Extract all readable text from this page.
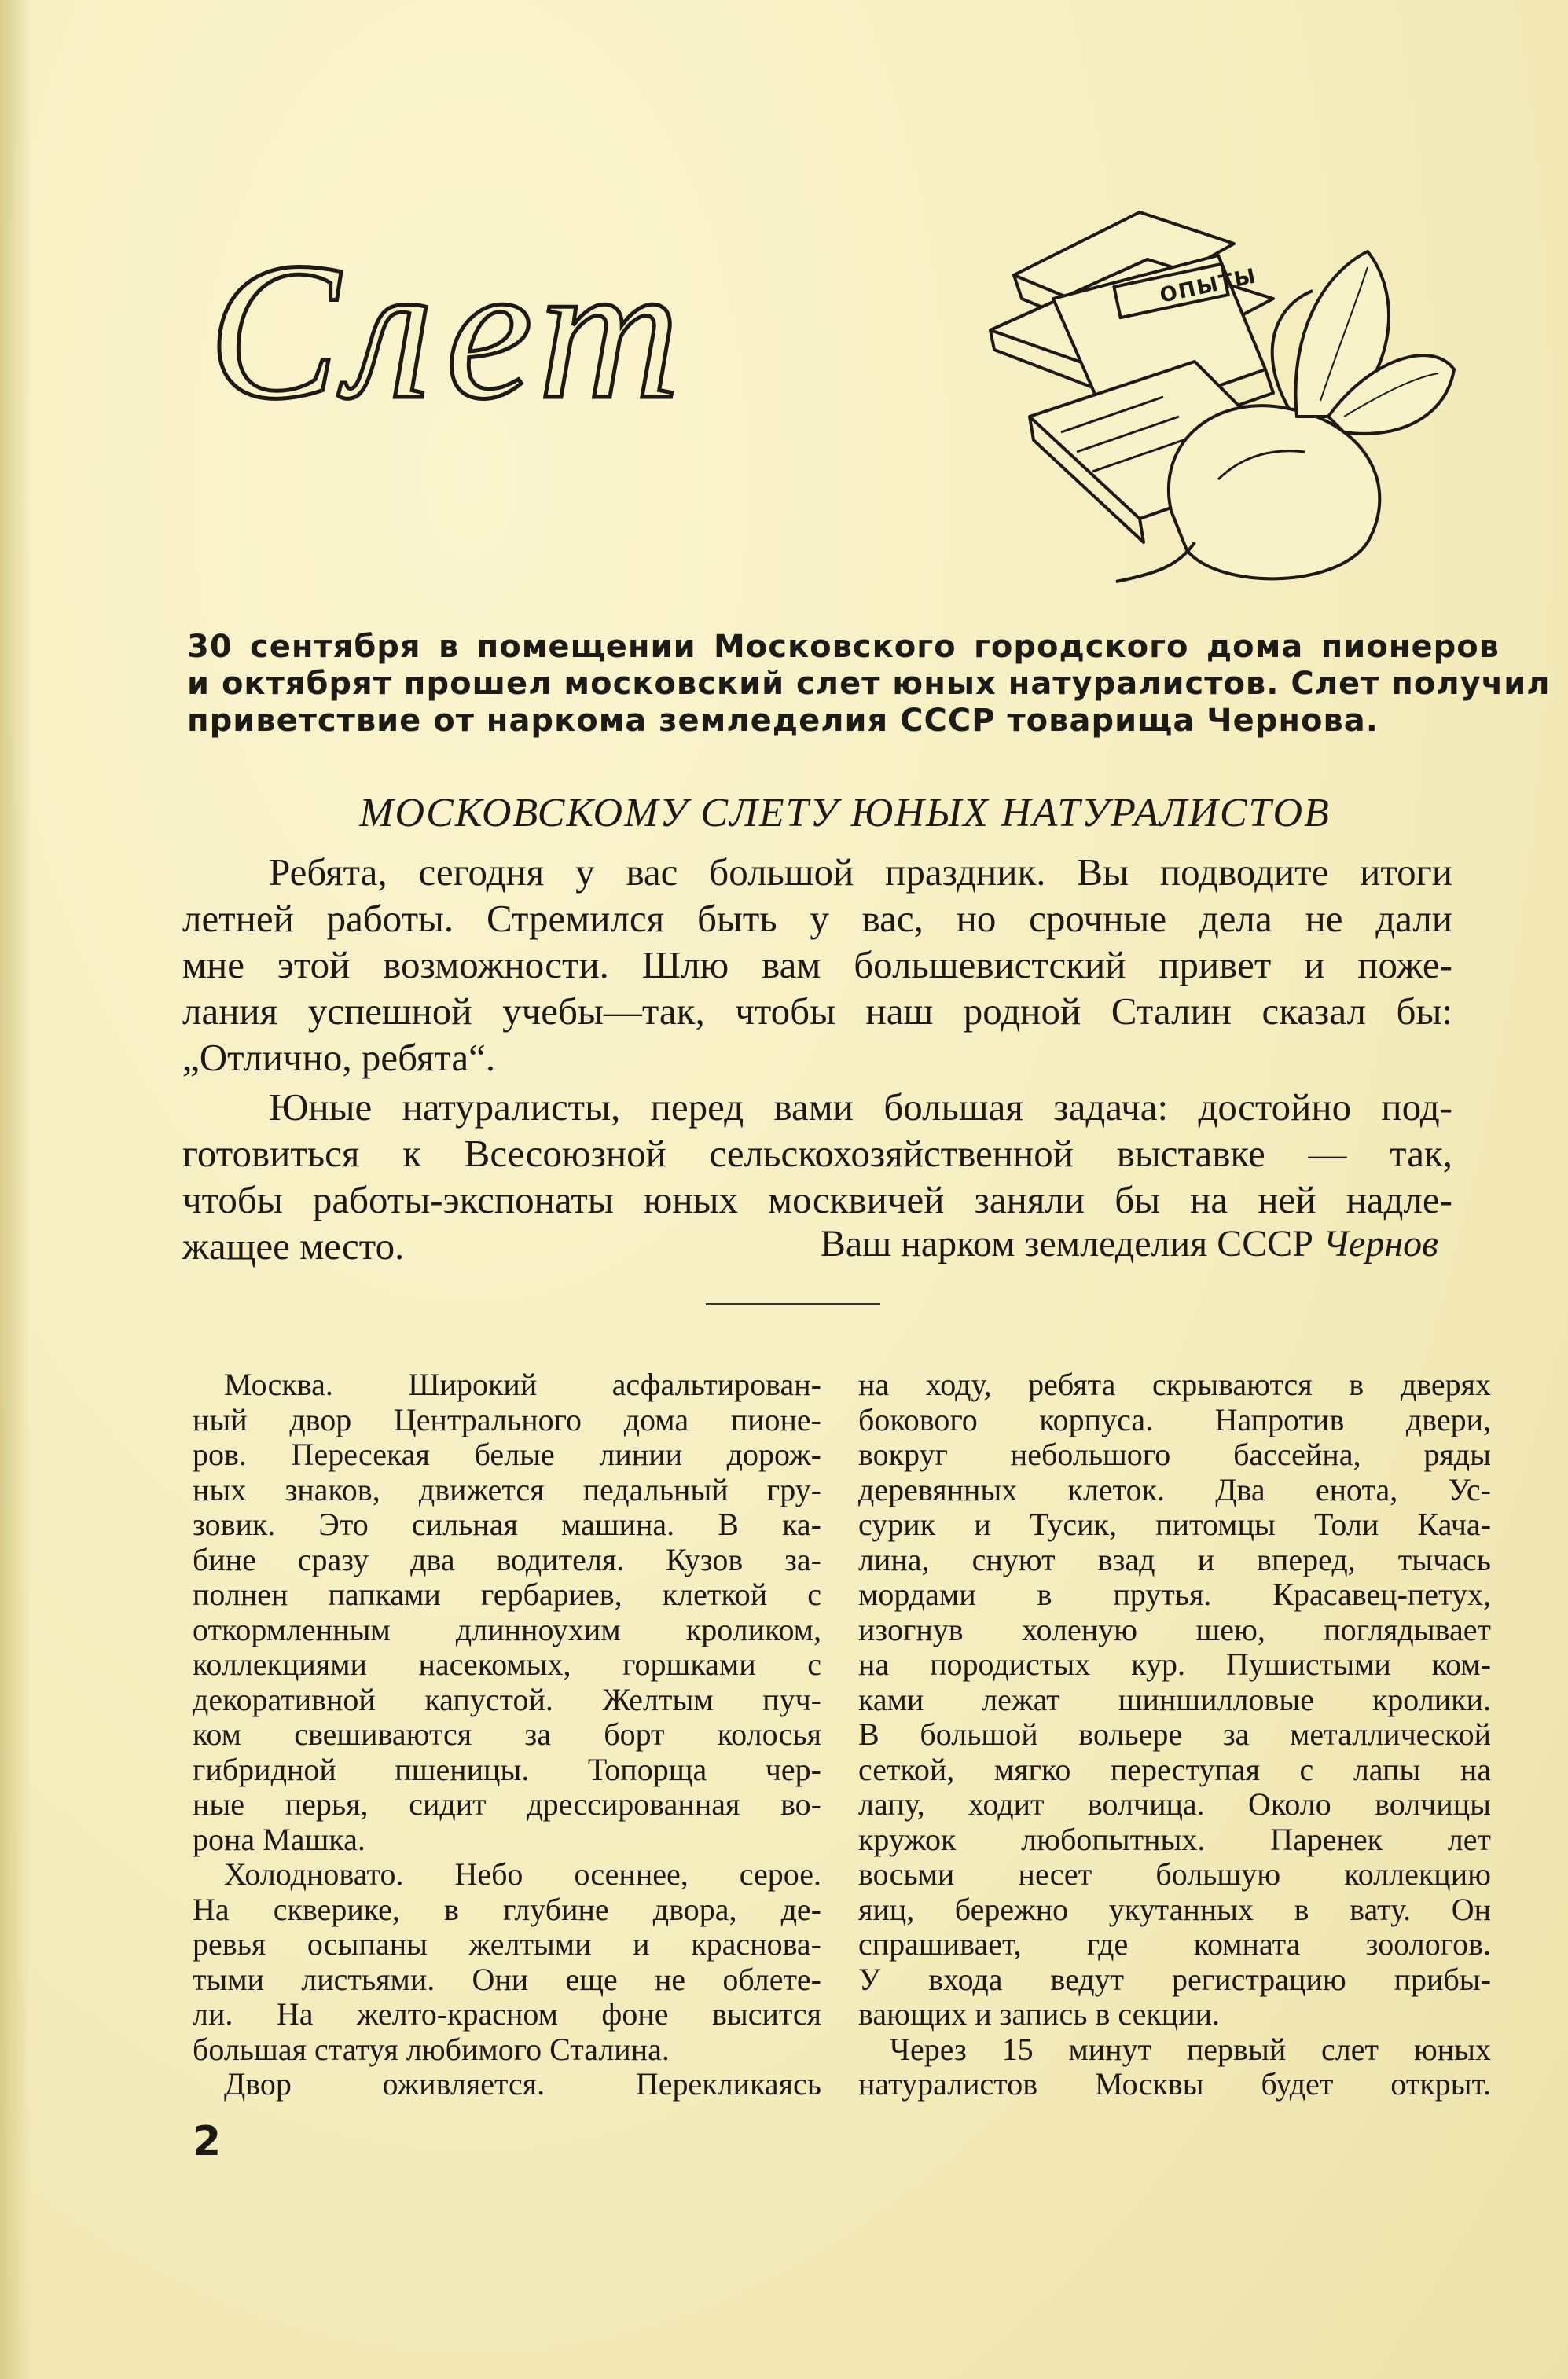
Слет	ОПЫТЫ
30 сентября в помещении Московского городского дома пионеров
и октябрят прошел московский слет юных натуралистов. Слет получил
приветствие от наркома земледелия СССР товарища Чернова.
МОСКОВСКОМУ СЛЕТУ ЮНЫХ НАТУРАЛИСТОВ

Ребята, сегодня у вас большой праздник. Вы подводите итоги
летней работы. Стремился быть у вас, но срочные дела не дали
мне этой возможности. Шлю вам большевистский привет и поже-
лания успешной учебы—так, чтобы наш родной Сталин сказал бы:
„Отлично, ребята“.

Юные натуралисты, перед вами большая задача: достойно под-
готовиться к Всесоюзной сельскохозяйственной выставке — так,
чтобы работы-экспонаты юных москвичей заняли бы на ней надле-
жащее место.	Ваш нарком земледелия СССР Чернов
Москва. Широкий асфальтирован-
ный двор Центрального дома пионе-
ров. Пересекая белые линии дорож-
ных знаков, движется педальный гру-
зовик. Это сильная машина. В ка-
бине сразу два водителя. Кузов за-
полнен папками гербариев, клеткой с
откормленным длинноухим кроликом,
коллекциями насекомых, горшками с
декоративной капустой. Желтым пуч-
ком свешиваются за борт колосья
гибридной пшеницы. Топорща чер-
ные перья, сидит дрессированная во-
рона Машка.
Холодновато. Небо осеннее, серое.
На скверике, в глубине двора, де-
ревья осыпаны желтыми и краснова-
тыми листьями. Они еще не облете-
ли. На желто-красном фоне высится
большая статуя любимого Сталина.
Двор оживляется. Перекликаясь
на ходу, ребята скрываются в дверях
бокового корпуса. Напротив двери,
вокруг небольшого бассейна, ряды
деревянных клеток. Два енота, Ус-
сурик и Тусик, питомцы Толи Кача-
лина, снуют взад и вперед, тычась
мордами в прутья. Красавец-петух,
изогнув холеную шею, поглядывает
на породистых кур. Пушистыми ком-
ками лежат шиншилловые кролики.
В большой вольере за металлической
сеткой, мягко переступая с лапы на
лапу, ходит волчица. Около волчицы
кружок любопытных. Паренек лет
восьми несет большую коллекцию
яиц, бережно укутанных в вату. Он
спрашивает, где комната зоологов.
У входа ведут регистрацию прибы-
вающих и запись в секции.
Через 15 минут первый слет юных
натуралистов Москвы будет открыт.
2
